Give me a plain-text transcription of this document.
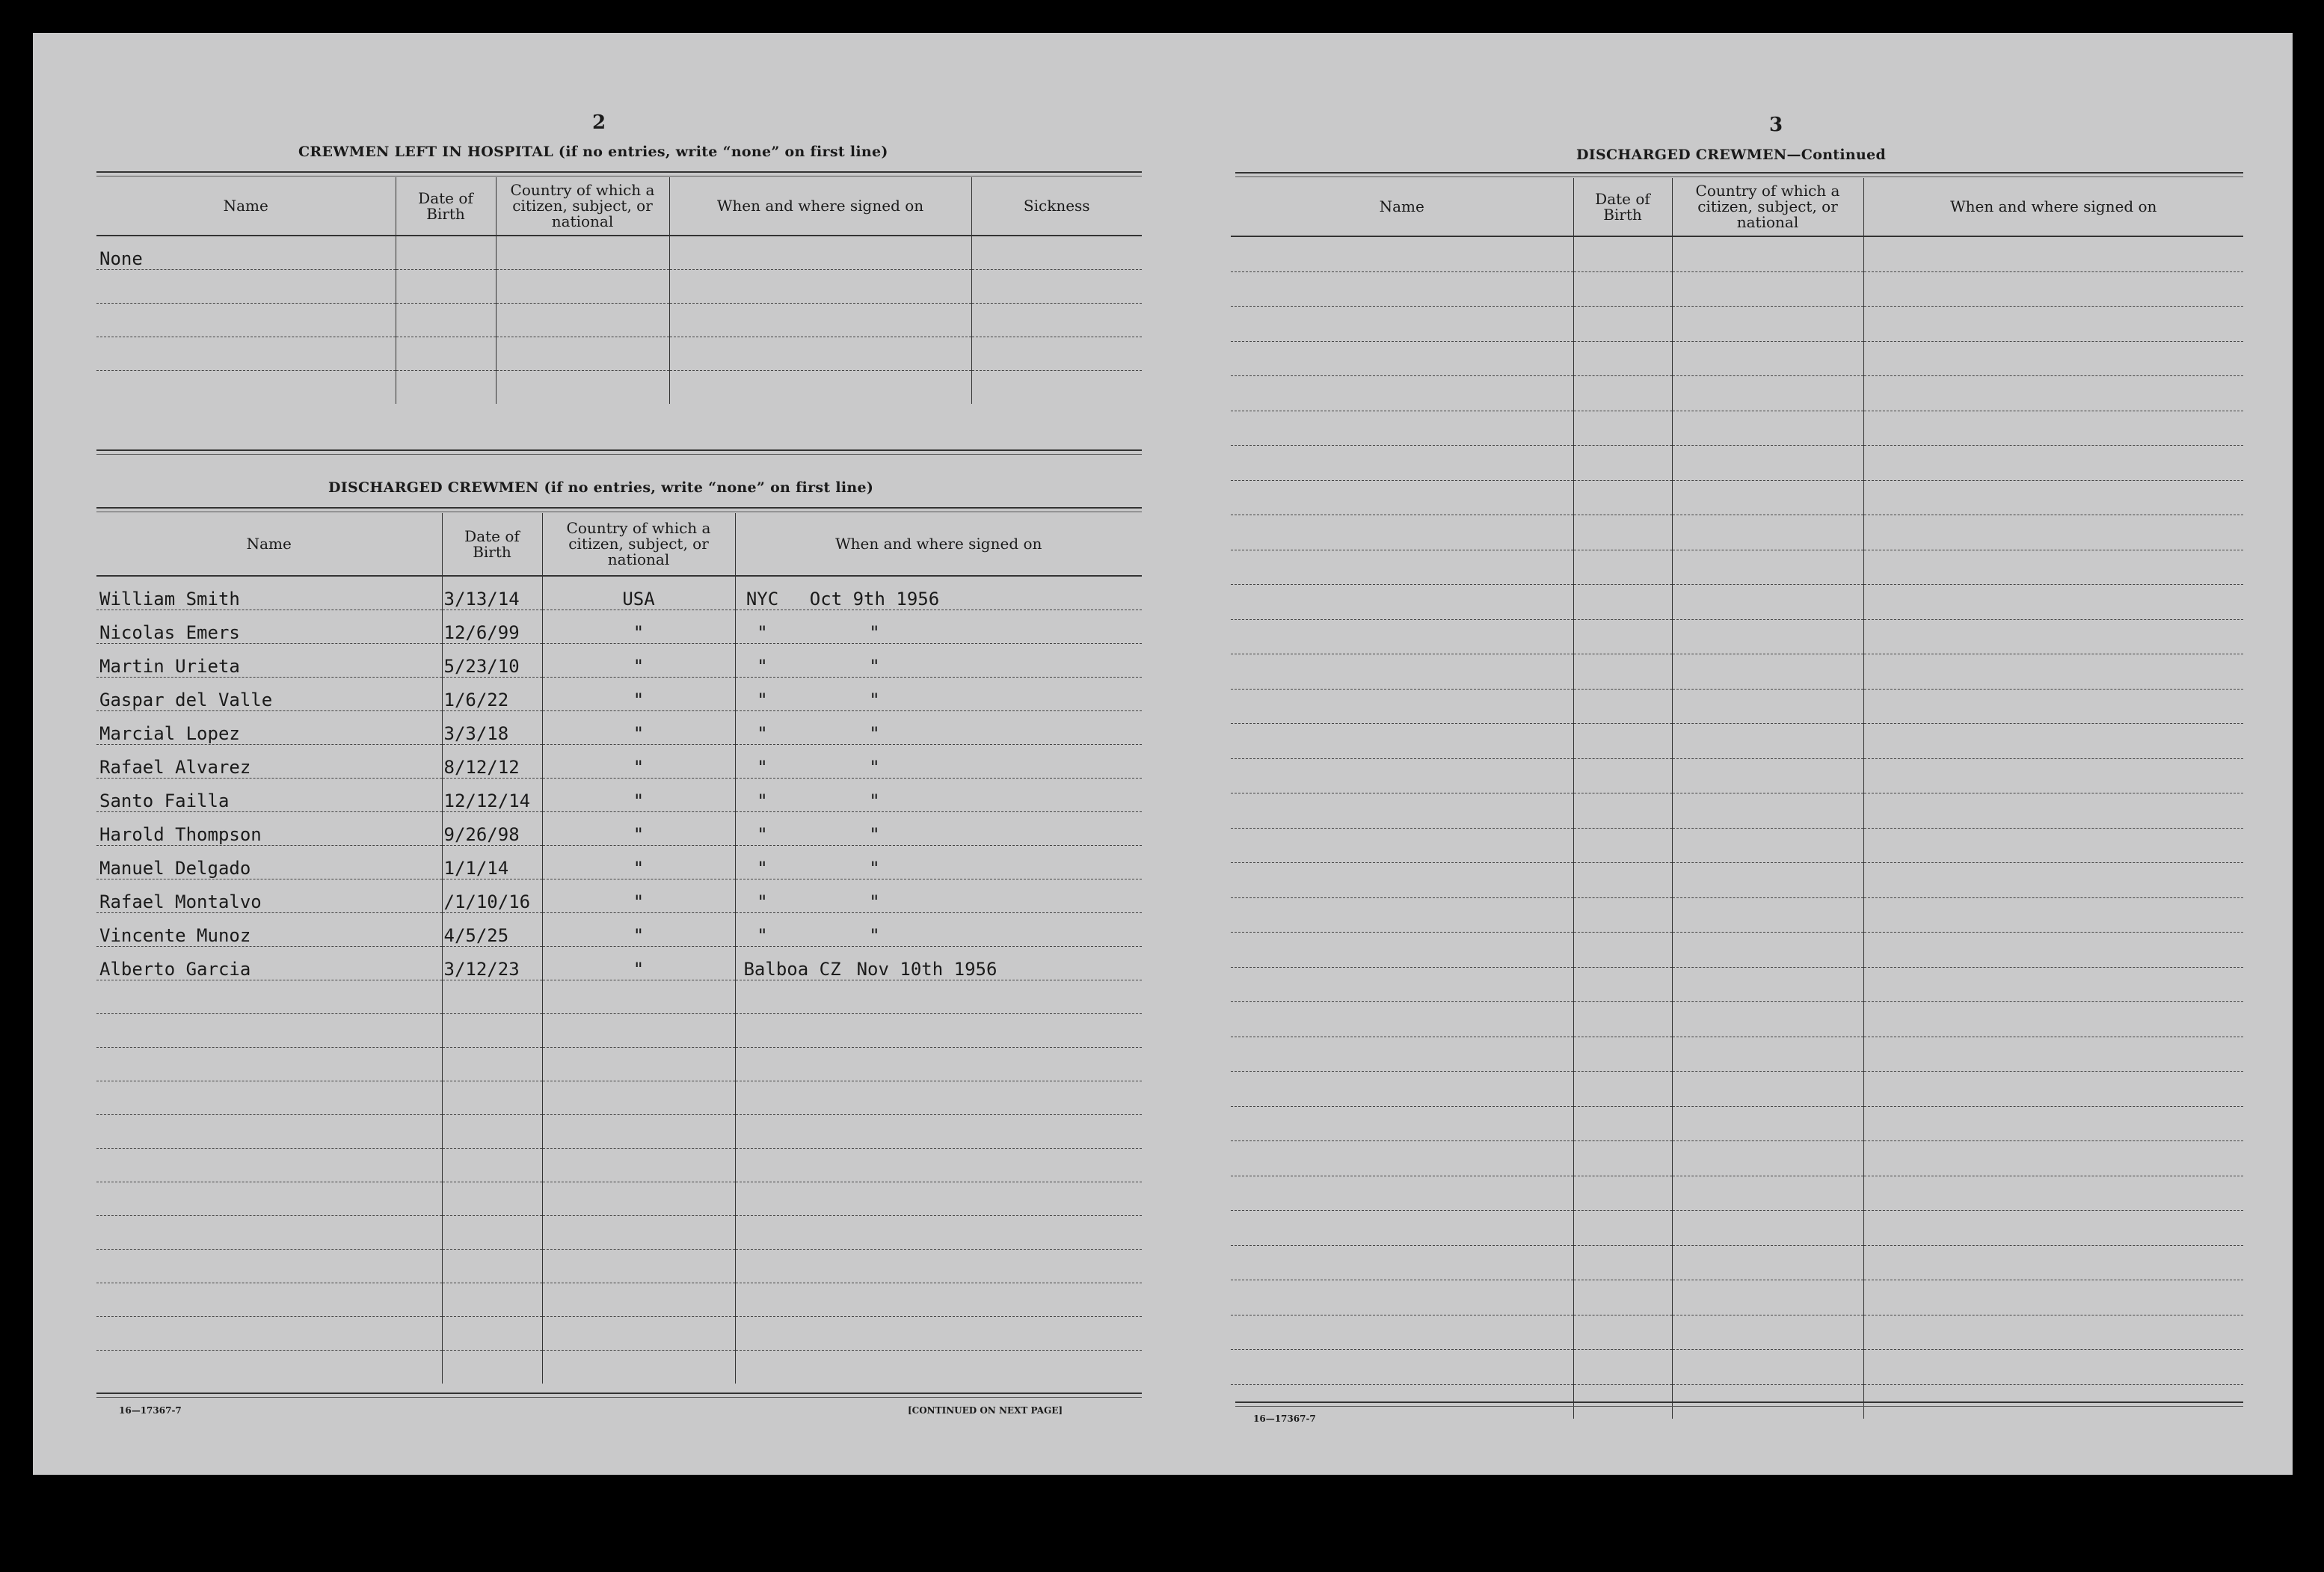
2
CREWMEN LEFT IN HOSPITAL (if no entries, write “none” on first line)
Name	Date of Birth	Country of which a citizen, subject, or national	When and where signed on	Sickness
None				

DISCHARGED CREWMEN (if no entries, write “none” on first line)
Name	Date of Birth	Country of which a citizen, subject, or national	When and where signed on
William Smith	3/13/14	USA	NYC Oct 9th 1956
Nicolas Emers	12/6/99	"	" "
Martin Urieta	5/23/10	"	" "
Gaspar del Valle	1/6/22	"	" "
Marcial Lopez	3/3/18	"	" "
Rafael Alvarez	8/12/12	"	" "
Santo Failla	12/12/14	"	" "
Harold Thompson	9/26/98	"	" "
Manuel Delgado	1/1/14	"	" "
Rafael Montalvo	/1/10/16	"	" "
Vincente Munoz	4/5/25	"	" "
Alberto Garcia	3/12/23	"	Balboa CZ Nov 10th 1956

16—17367-7	[CONTINUED ON NEXT PAGE]
3
DISCHARGED CREWMEN—Continued
Name	Date of Birth	Country of which a citizen, subject, or national	When and where signed on

16—17367-7
